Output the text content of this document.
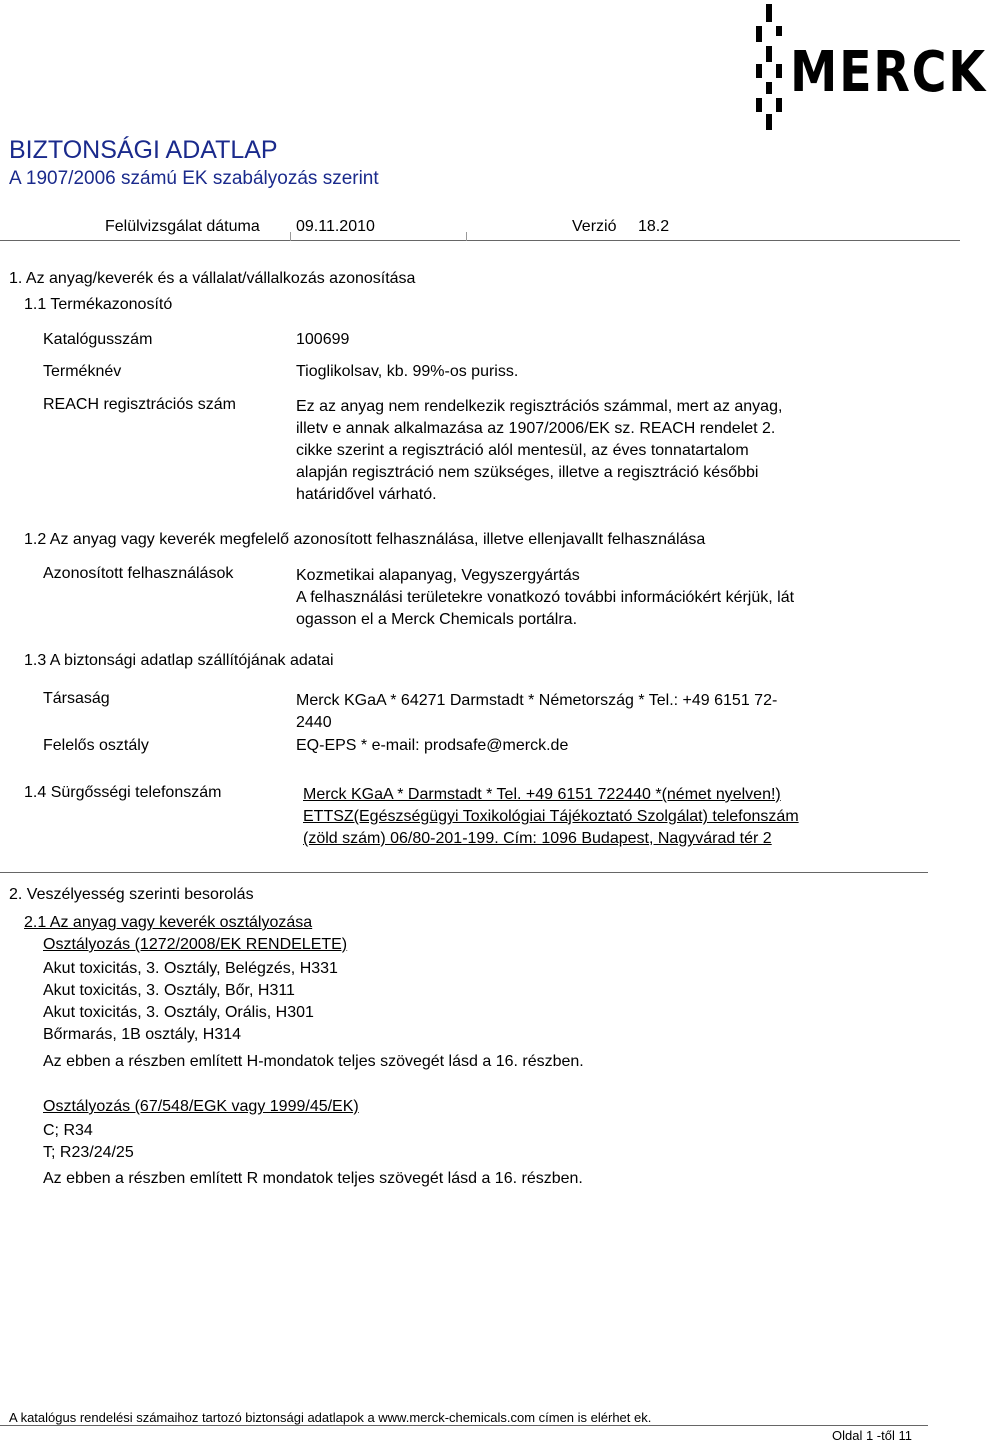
MERCK
BIZTONSÁGI ADATLAP
A 1907/2006 számú EK szabályozás szerint
Felülvizsgálat dátuma 09.11.2010	Verzió 18.2
1. Az anyag/keverék és a vállalat/vállalkozás azonosítása
1.1 Termékazonosító
Katalógusszám	100699
Terméknév	Tioglikolsav, kb. 99%-os puriss.
REACH regisztrációs szám	Ez az anyag nem rendelkezik regisztrációs számmal, mert az anyag,
illetv e annak alkalmazása az 1907/2006/EK sz. REACH rendelet 2.
cikke szerint a regisztráció alól mentesül, az éves tonnatartalom
alapján regisztráció nem szükséges, illetve a regisztráció későbbi
határidővel várható.
1.2 Az anyag vagy keverék megfelelő azonosított felhasználása, illetve ellenjavallt felhasználása
Azonosított felhasználások	Kozmetikai alapanyag, Vegyszergyártás
A felhasználási területekre vonatkozó további információkért kérjük, lát
ogasson el a Merck Chemicals portálra.
1.3 A biztonsági adatlap szállítójának adatai
Társaság	Merck KGaA * 64271 Darmstadt * Németország * Tel.: +49 6151 72-
2440
Felelős osztály	EQ-EPS * e-mail: prodsafe@merck.de
1.4 Sürgősségi telefonszám	Merck KGaA * Darmstadt * Tel. +49 6151 722440 *(német nyelven!)
ETTSZ(Egészségügyi Toxikológiai Tájékoztató Szolgálat) telefonszám
(zöld szám) 06/80-201-199. Cím: 1096 Budapest, Nagyvárad tér 2
2. Veszélyesség szerinti besorolás
2.1 Az anyag vagy keverék osztályozása
Osztályozás (1272/2008/EK RENDELETE)
Akut toxicitás, 3. Osztály, Belégzés, H331
Akut toxicitás, 3. Osztály, Bőr, H311
Akut toxicitás, 3. Osztály, Orális, H301
Bőrmarás, 1B osztály, H314
Az ebben a részben említett H-mondatok teljes szövegét lásd a 16. részben.
Osztályozás (67/548/EGK vagy 1999/45/EK)
C; R34
T; R23/24/25
Az ebben a részben említett R mondatok teljes szövegét lásd a 16. részben.
A katalógus rendelési számaihoz tartozó biztonsági adatlapok a www.merck-chemicals.com címen is elérhet ek.
Oldal 1 -től 11
